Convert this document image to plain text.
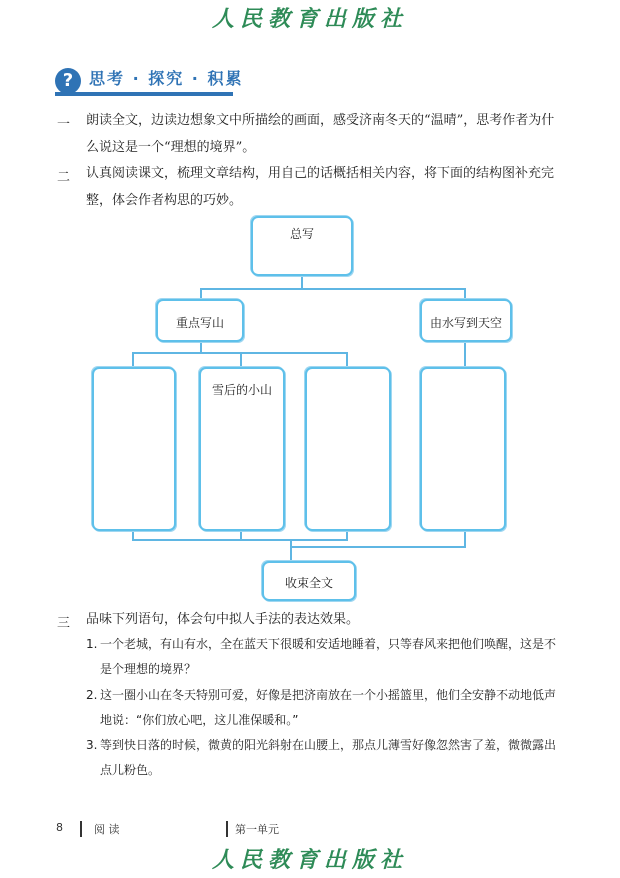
人民教育出版社
? 思考 · 探究 · 积累
一 朗读全文，边读边想象文中所描绘的画面，感受济南冬天的“温晴”，思考作者为什么说这是一个“理想的境界”。
二 认真阅读课文，梳理文章结构，用自己的话概括相关内容，将下面的结构图补充完整，体会作者构思的巧妙。
总写
重点写山	由水写到天空
雪后的小山
收束全文
三 品味下列语句，体会句中拟人手法的表达效果。
1. 一个老城，有山有水，全在蓝天下很暖和安适地睡着，只等春风来把他们唤醒，这是不是个理想的境界？
2. 这一圈小山在冬天特别可爱，好像是把济南放在一个小摇篮里，他们全安静不动地低声地说：“你们放心吧，这儿准保暖和。”
3. 等到快日落的时候，微黄的阳光斜射在山腰上，那点儿薄雪好像忽然害了羞，微微露出点儿粉色。
8	阅 读	第一单元
人民教育出版社
